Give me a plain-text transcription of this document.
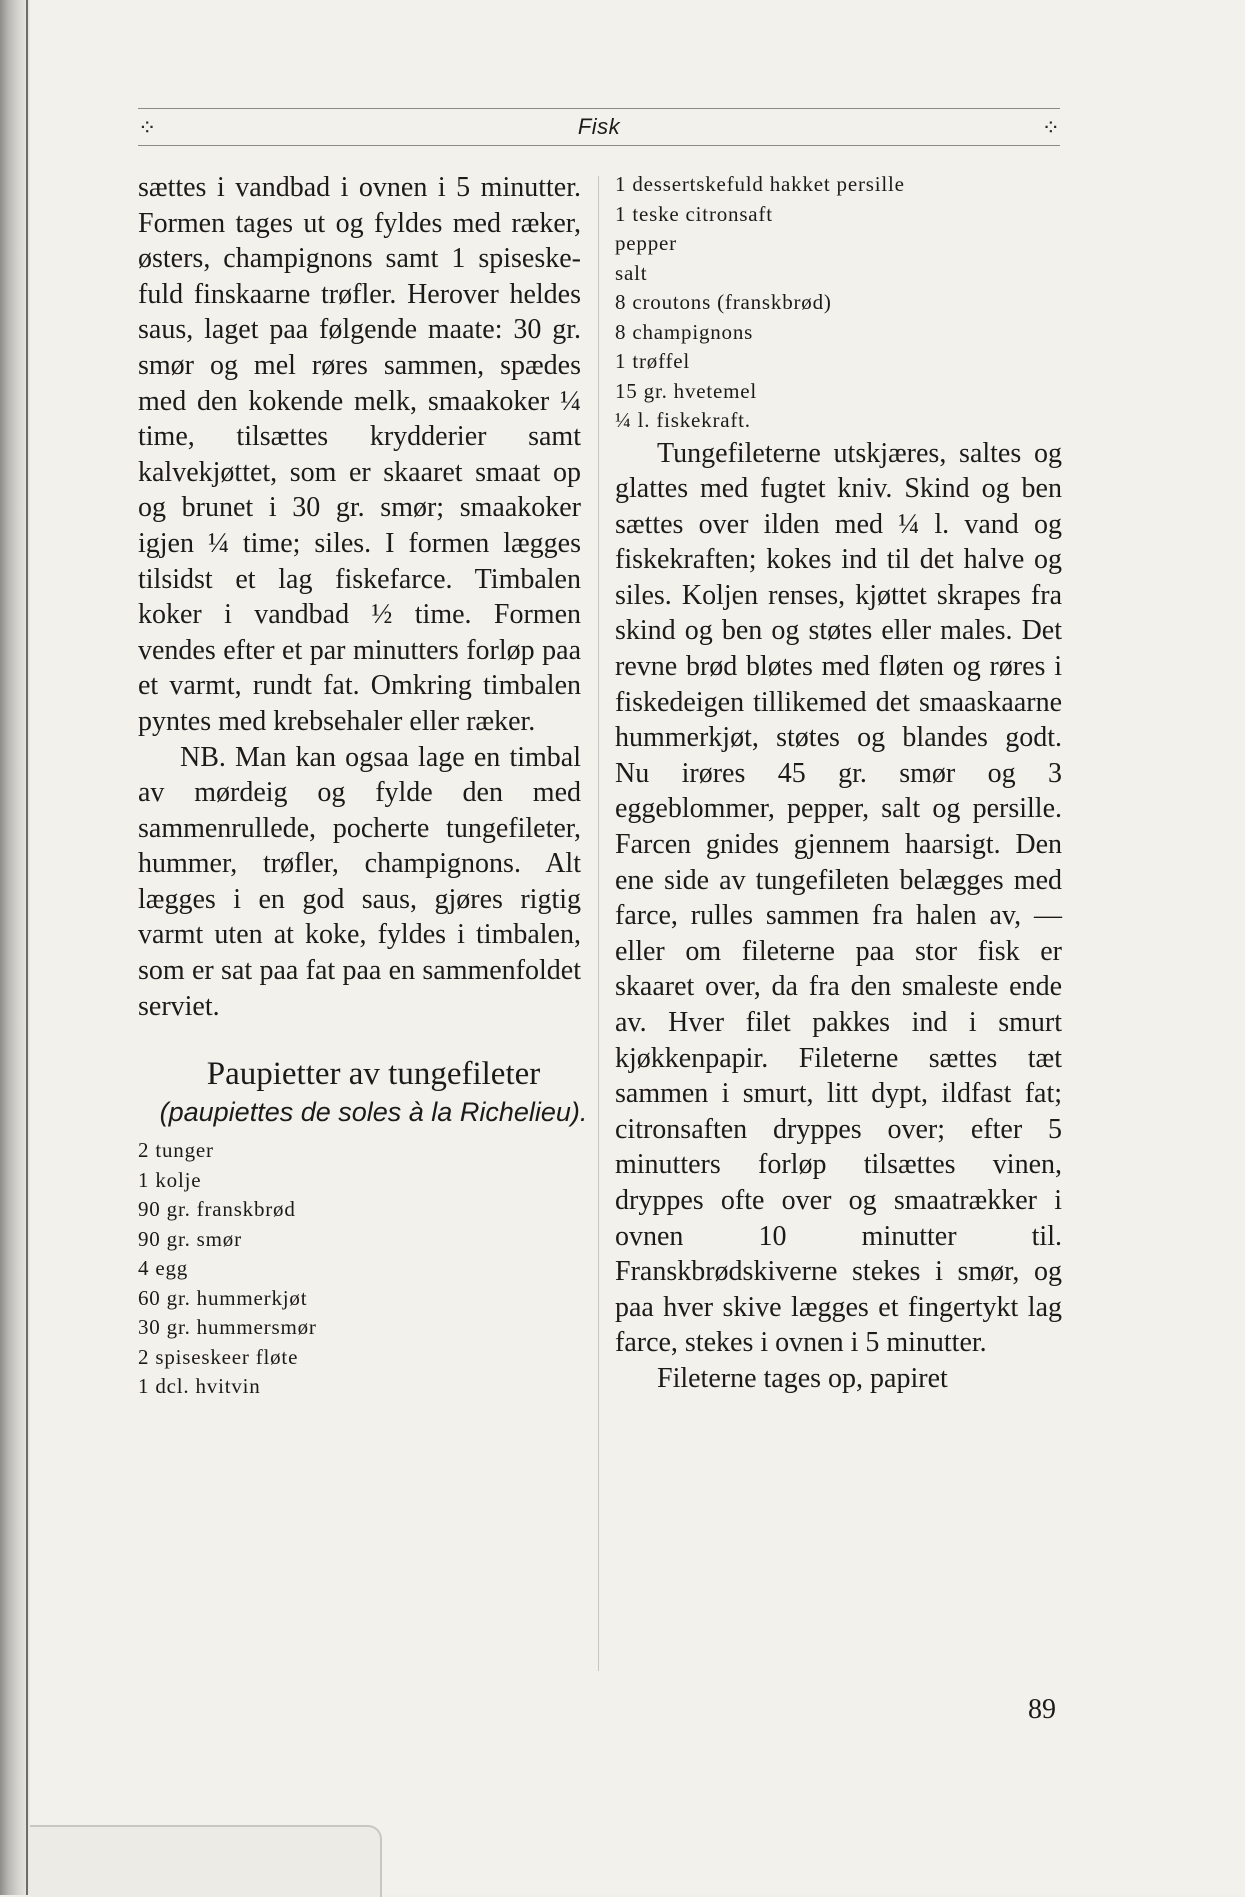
⁘	Fisk	⁘

sættes i vandbad i ovnen i 5 minutter. Formen tages ut og fyldes med ræker, østers, champignons samt 1 spiseskefuld finskaarne trøfler. Herover heldes saus, laget paa følgende maate: 30 gr. smør og mel røres sammen, spædes med den kokende melk, smaakoker ¼ time, tilsættes krydderier samt kalvekjøttet, som er skaaret smaat op og brunet i 30 gr. smør; smaakoker igjen ¼ time; siles. I formen lægges tilsidst et lag fiskefarce. Timbalen koker i vandbad ½ time. Formen vendes efter et par minutters forløp paa et varmt, rundt fat. Omkring timbalen pyntes med krebsehaler eller ræker.

NB. Man kan ogsaa lage en timbal av mørdeig og fylde den med sammenrullede, pocherte tungefileter, hummer, trøfler, champignons. Alt lægges i en god saus, gjøres rigtig varmt uten at koke, fyldes i timbalen, som er sat paa fat paa en sammenfoldet serviet.

Paupietter av tungefileter
(paupiettes de soles à la Richelieu).
2 tunger
1 kolje
90 gr. franskbrød
90 gr. smør
4 egg
60 gr. hummerkjøt
30 gr. hummersmør
2 spiseskeer fløte
1 dcl. hvitvin
1 dessertskefuld hakket persille
1 teske citronsaft
pepper
salt
8 croutons (franskbrød)
8 champignons
1 trøffel
15 gr. hvetemel
¼ l. fiskekraft.

Tungefileterne utskjæres, saltes og glattes med fugtet kniv. Skind og ben sættes over ilden med ¼ l. vand og fiskekraften; kokes ind til det halve og siles. Koljen renses, kjøttet skrapes fra skind og ben og støtes eller males. Det revne brød bløtes med fløten og røres i fiskedeigen tillikemed det smaaskaarne hummerkjøt, støtes og blandes godt. Nu irøres 45 gr. smør og 3 eggeblommer, pepper, salt og persille. Farcen gnides gjennem haarsigt. Den ene side av tungefileten belægges med farce, rulles sammen fra halen av, — eller om fileterne paa stor fisk er skaaret over, da fra den smaleste ende av. Hver filet pakkes ind i smurt kjøkkenpapir. Fileterne sættes tæt sammen i smurt, litt dypt, ildfast fat; citronsaften dryppes over; efter 5 minutters forløp tilsættes vinen, dryppes ofte over og smaatrækker i ovnen 10 minutter til. Franskbrødskiverne stekes i smør, og paa hver skive lægges et fingertykt lag farce, stekes i ovnen i 5 minutter.

Fileterne tages op, papiret

89
